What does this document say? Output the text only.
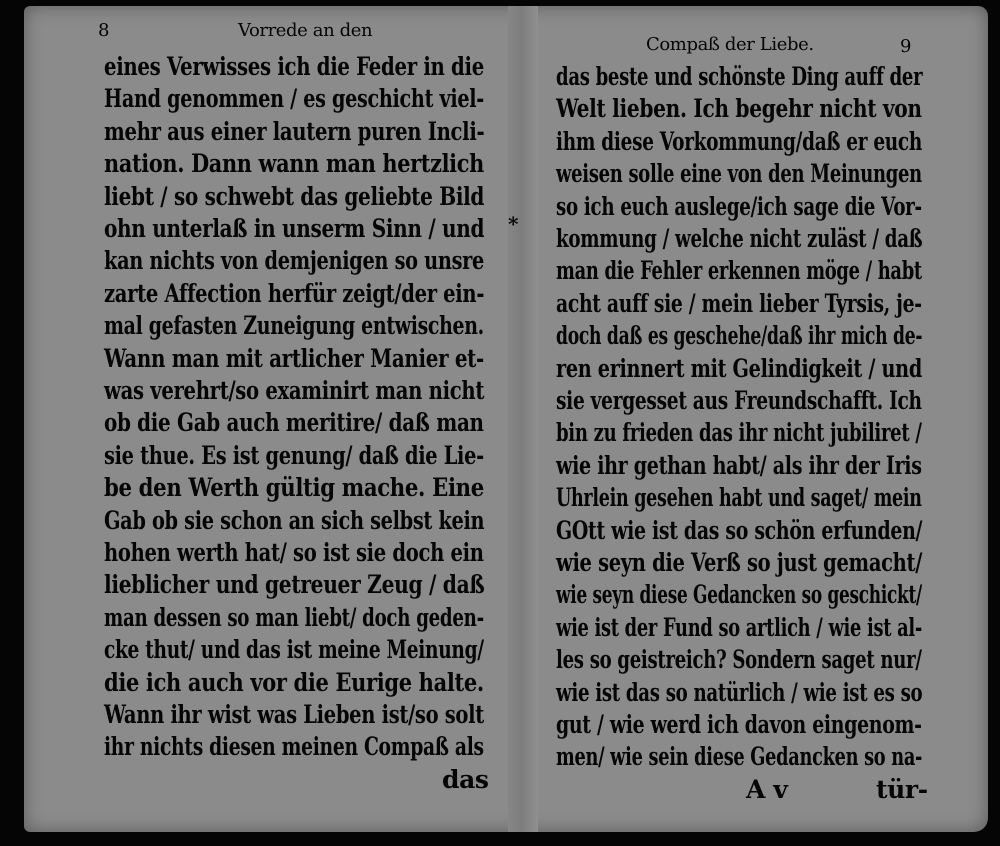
8	Vorrede an den
eines Verwisses ich die Feder in die
Hand genommen / es geschicht viel-
mehr aus einer lautern puren Incli-
nation. Dann wann man hertzlich
liebt / so schwebt das geliebte Bild
ohn unterlaß in unserm Sinn / und
kan nichts von demjenigen so unsre
zarte Affection herfür zeigt/der ein-
mal gefasten Zuneigung entwischen.
Wann man mit artlicher Manier et-
was verehrt/so examinirt man nicht
ob die Gab auch meritire/ daß man
sie thue. Es ist genung/ daß die Lie-
be den Werth gültig mache. Eine
Gab ob sie schon an sich selbst kein
hohen werth hat/ so ist sie doch ein
lieblicher und getreuer Zeug / daß
man dessen so man liebt/ doch geden-
cke thut/ und das ist meine Meinung/
die ich auch vor die Eurige halte.
Wann ihr wist was Lieben ist/so solt
ihr nichts diesen meinen Compaß als
das
Compaß der Liebe.	9
*
das beste und schönste Ding auff der
Welt lieben. Ich begehr nicht von
ihm diese Vorkommung/daß er euch
weisen solle eine von den Meinungen
so ich euch auslege/ich sage die Vor-
kommung / welche nicht zuläst / daß
man die Fehler erkennen möge / habt
acht auff sie / mein lieber Tyrsis, je-
doch daß es geschehe/daß ihr mich de-
ren erinnert mit Gelindigkeit / und
sie vergesset aus Freundschafft. Ich
bin zu frieden das ihr nicht jubiliret /
wie ihr gethan habt/ als ihr der Iris
Uhrlein gesehen habt und saget/ mein
GOtt wie ist das so schön erfunden/
wie seyn die Verß so just gemacht/
wie seyn diese Gedancken so geschickt/
wie ist der Fund so artlich / wie ist al-
les so geistreich? Sondern saget nur/
wie ist das so natürlich / wie ist es so
gut / wie werd ich davon eingenom-
men/ wie sein diese Gedancken so na-
A v	tür-
